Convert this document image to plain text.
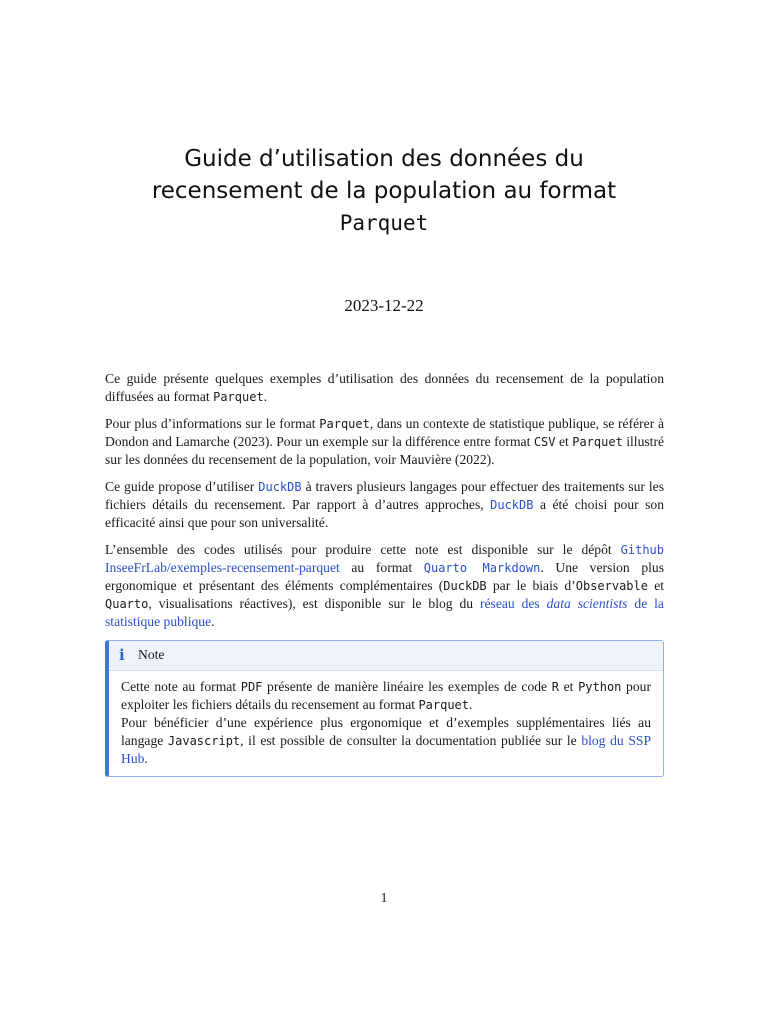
Guide d’utilisation des données du
recensement de la population au format
Parquet
2023-12-22

Ce guide présente quelques exemples d’utilisation des données du recensement de la population diffusées au format Parquet.

Pour plus d’informations sur le format Parquet, dans un contexte de statistique publique, se référer à Dondon and Lamarche (2023). Pour un exemple sur la différence entre format CSV et Parquet illustré sur les données du recensement de la population, voir Mauvière (2022).

Ce guide propose d’utiliser DuckDB à travers plusieurs langages pour effectuer des traitements sur les fichiers détails du recensement. Par rapport à d’autres approches, DuckDB a été choisi pour son efficacité ainsi que pour son universalité.

L’ensemble des codes utilisés pour produire cette note est disponible sur le dépôt Github InseeFrLab/exemples-recensement-parquet au format Quarto Markdown. Une version plus ergonomique et présentant des éléments complémentaires (DuckDB par le biais d’Observable et Quarto, visualisations réactives), est disponible sur le blog du réseau des data scientists de la statistique publique.

i Note

Cette note au format PDF présente de manière linéaire les exemples de code R et Python pour exploiter les fichiers détails du recensement au format Parquet.

Pour bénéficier d’une expérience plus ergonomique et d’exemples supplémentaires liés au langage Javascript, il est possible de consulter la documentation publiée sur le blog du SSP Hub.

1
